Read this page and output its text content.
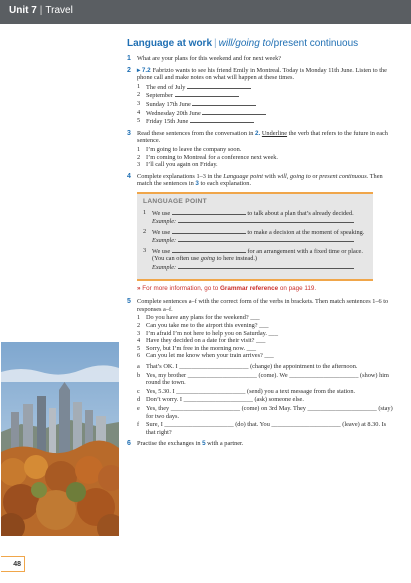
Unit 7 | Travel
48
Language at work | will/going to/present continuous
1 What are your plans for this weekend and for next week?
2 ▸ 7.2 Fabrizio wants to see his friend Emily in Montreal. Today is Monday 11th June. Listen to the phone call and make notes on what will happen at these times.
1 The end of July
2 September
3 Sunday 17th June
4 Wednesday 20th June
5 Friday 15th June
3 Read these sentences from the conversation in 2. Underline the verb that refers to the future in each sentence.
1 I’m going to leave the company soon.
2 I’m coming to Montreal for a conference next week.
3 I’ll call you again on Friday.
4 Complete explanations 1–3 in the Language point with will, going to or present continuous. Then match the sentences in 3 to each explanation.
LANGUAGE POINT
1 We use	to talk about a plan that’s already decided.
Example:
2 We use	to make a decision at the moment of speaking.
Example:
3 We use	for an arrangement with a fixed time or place. (You can often use going to here instead.)
Example:
» For more information, go to Grammar reference on page 119.
5 Complete sentences a–f with the correct form of the verbs in brackets. Then match sentences 1–6 to responses a–f.
1 Do you have any plans for the weekend? ___
2 Can you take me to the airport this evening? ___
3 I’m afraid I’m not here to help you on Saturday. ___
4 Have they decided on a date for their visit? ___
5 Sorry, but I’m free in the morning now. ___
6 Can you let me know when your train arrives? ___
a That’s OK. I ______________________ (change) the appointment to the afternoon.
b Yes, my brother ______________________ (come). We ______________________ (show) him round the town.
c Yes, 5.30. I ______________________ (send) you a text message from the station.
d Don’t worry. I ______________________ (ask) someone else.
e Yes, they ______________________ (come) on 3rd May. They ______________________ (stay) for two days.
f Sure, I ______________________ (do) that. You ______________________ (leave) at 8.30. Is that right?
6 Practise the exchanges in 5 with a partner.
